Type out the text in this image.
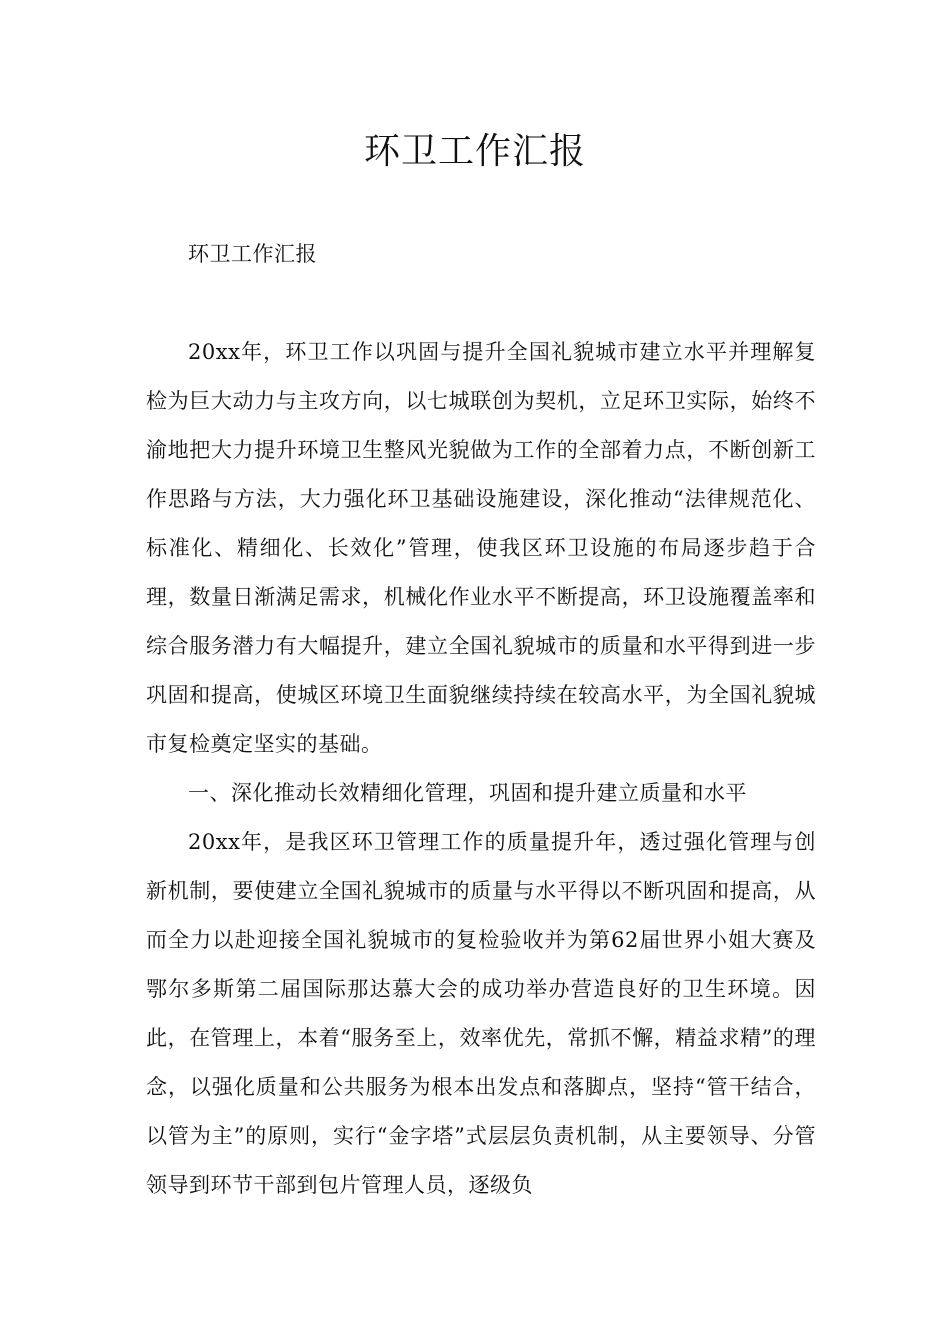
环卫工作汇报

环卫工作汇报

20xx年，环卫工作以巩固与提升全国礼貌城市建立水平并理解复检为巨大动力与主攻方向，以七城联创为契机，立足环卫实际，始终不渝地把大力提升环境卫生整风光貌做为工作的全部着力点，不断创新工作思路与方法，大力强化环卫基础设施建设，深化推动“法律规范化、标准化、精细化、长效化”管理，使我区环卫设施的布局逐步趋于合理，数量日渐满足需求，机械化作业水平不断提高，环卫设施覆盖率和综合服务潜力有大幅提升，建立全国礼貌城市的质量和水平得到进一步巩固和提高，使城区环境卫生面貌继续持续在较高水平，为全国礼貌城市复检奠定坚实的基础。

一、深化推动长效精细化管理，巩固和提升建立质量和水平

20xx年，是我区环卫管理工作的质量提升年，透过强化管理与创新机制，要使建立全国礼貌城市的质量与水平得以不断巩固和提高，从而全力以赴迎接全国礼貌城市的复检验收并为第62届世界小姐大赛及鄂尔多斯第二届国际那达慕大会的成功举办营造良好的卫生环境。因此，在管理上，本着“服务至上，效率优先，常抓不懈，精益求精”的理念，以强化质量和公共服务为根本出发点和落脚点，坚持“管干结合，以管为主”的原则，实行“金字塔”式层层负责机制，从主要领导、分管领导到环节干部到包片管理人员，逐级负
